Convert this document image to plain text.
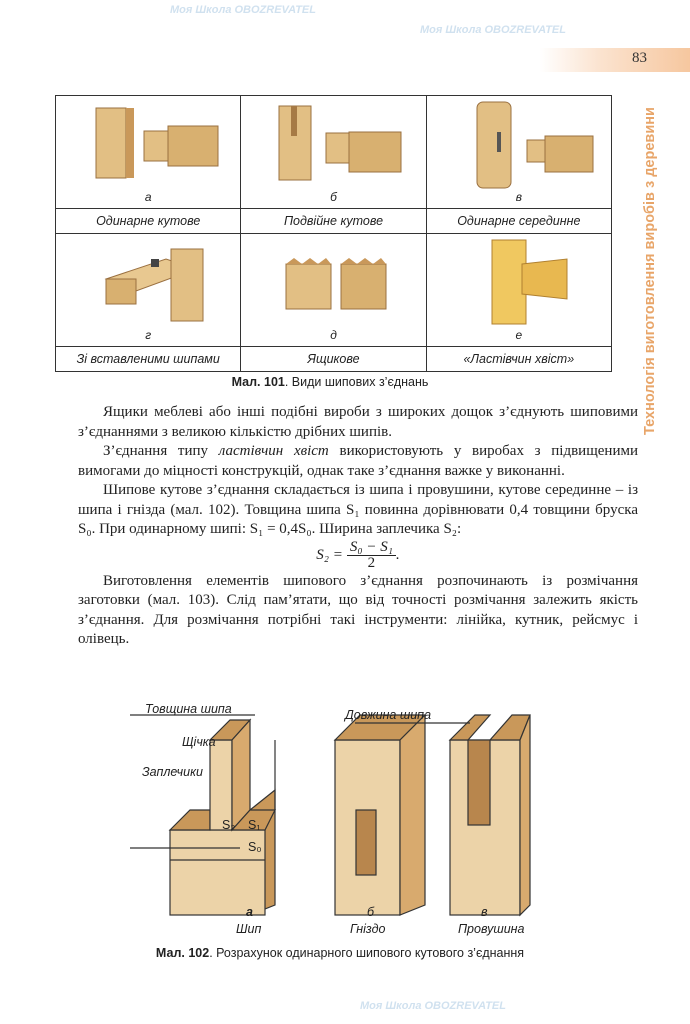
Моя Школа OBOZREVATEL
Моя Школа OBOZREVATEL
Моя Школа OBOZREVATEL
83
Технологія виготовлення виробів з деревини
а	б	в

Одинарне кутове	Подвійне кутове	Одинарне серединне

г	д	е

Зі вставленими шипами	Ящикове	«Ластівчин хвіст»
Мал. 101. Види шипових з’єднань

Ящики меблеві або інші подібні вироби з широких дощок з’єднують шиповими з’єднаннями з великою кількістю дрібних шипів.

З’єднання типу ластівчин хвіст використовують у виробах з підвищеними вимогами до міцності конструкцій, однак таке з’єднання важке у виконанні.

Шипове кутове з’єднання складається із шипа і провушини, кутове серединне – із шипа і гнізда (мал. 102). Товщина шипа S₁ повинна дорівнювати 0,4 товщини бруска S₀. При одинарному шипі: S₁ = 0,4S₀. Ширина заплечика S₂:

$S_2 = \frac{\text{S₀ − S₁}}{2}$ .

Виготовлення елементів шипового з’єднання розпочинають із розмічання заготовки (мал. 103). Слід пам’ятати, що від точності розмічання залежить якість з’єднання. Для розмічання потрібні такі інструменти: лінійка, кутник, рейсмус і олівець.

Товщина шипа	Довжина шипа
Щічка
Заплечики
S₂ S₁
S₀
а
Шип
б
Гніздо
в
Провушина
Мал. 102. Розрахунок одинарного шипового кутового з’єднання
